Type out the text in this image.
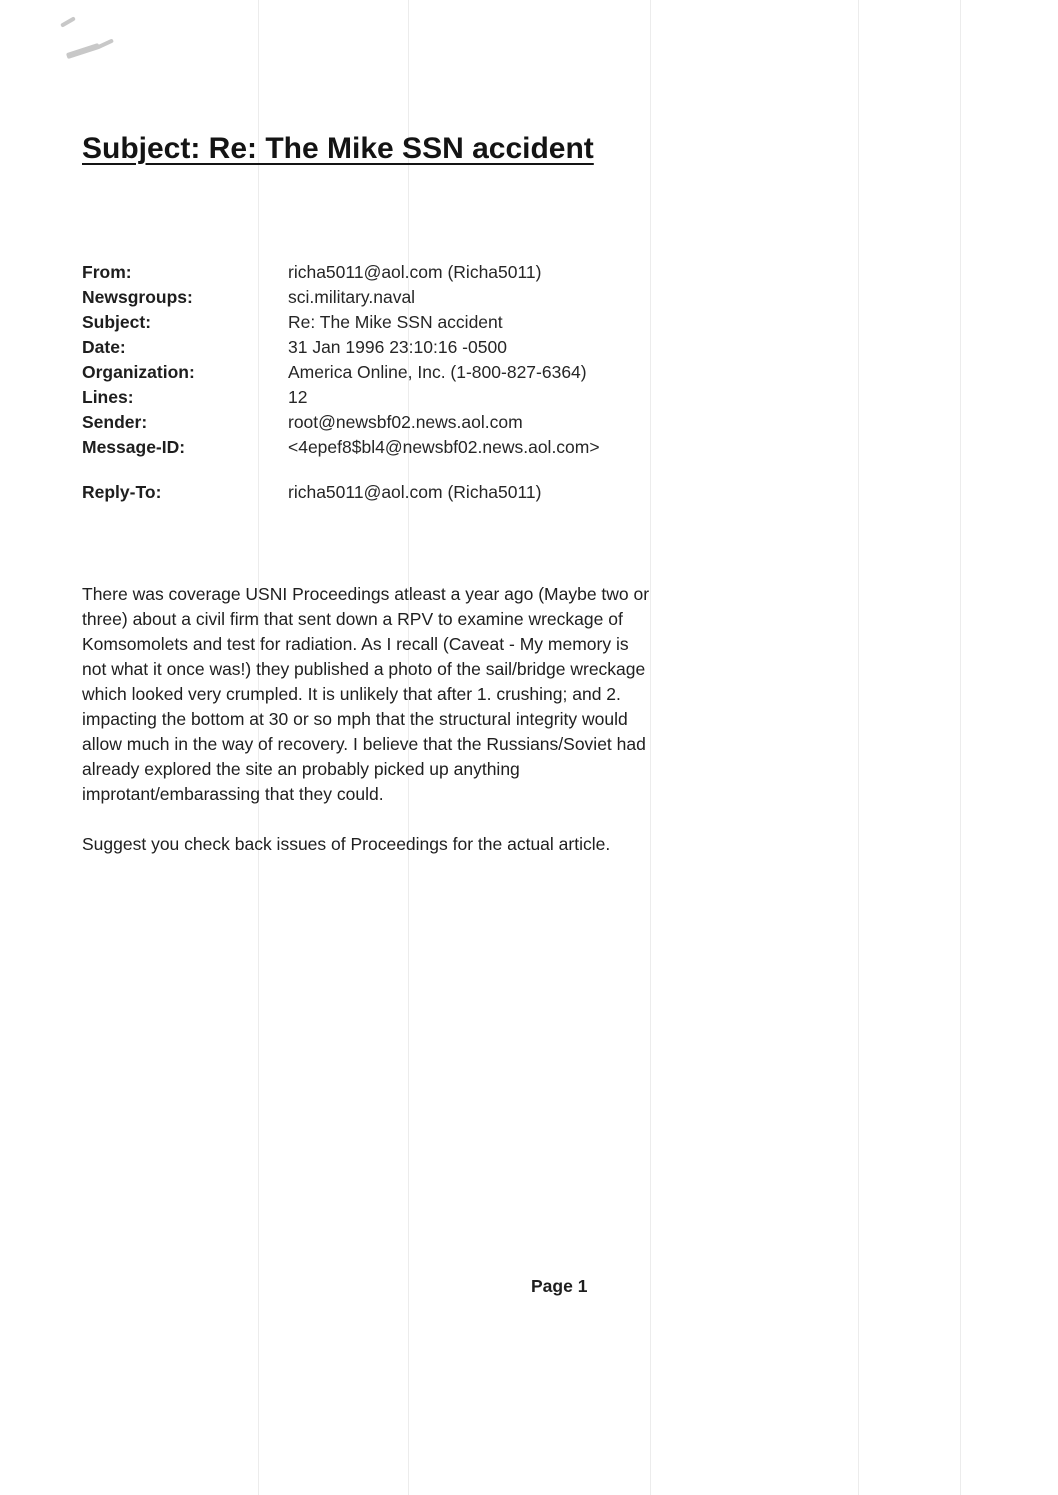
Subject: Re: The Mike SSN accident
From:	richa5011@aol.com (Richa5011)
Newsgroups:	sci.military.naval
Subject:	Re: The Mike SSN accident
Date:	31 Jan 1996 23:10:16 -0500
Organization:	America Online, Inc. (1-800-827-6364)
Lines:	12
Sender:	root@newsbf02.news.aol.com
Message-ID:	<4epef8$bl4@newsbf02.news.aol.com>
Reply-To:	richa5011@aol.com (Richa5011)

There was coverage USNI Proceedings atleast a year ago (Maybe two or
three) about a civil firm that sent down a RPV to examine wreckage of
Komsomolets and test for radiation. As I recall (Caveat - My memory is
not what it once was!) they published a photo of the sail/bridge wreckage
which looked very crumpled. It is unlikely that after 1. crushing; and 2.
impacting the bottom at 30 or so mph that the structural integrity would
allow much in the way of recovery. I believe that the Russians/Soviet had
already explored the site an probably picked up anything
improtant/embarassing that they could.

Suggest you check back issues of Proceedings for the actual article.

Page 1
